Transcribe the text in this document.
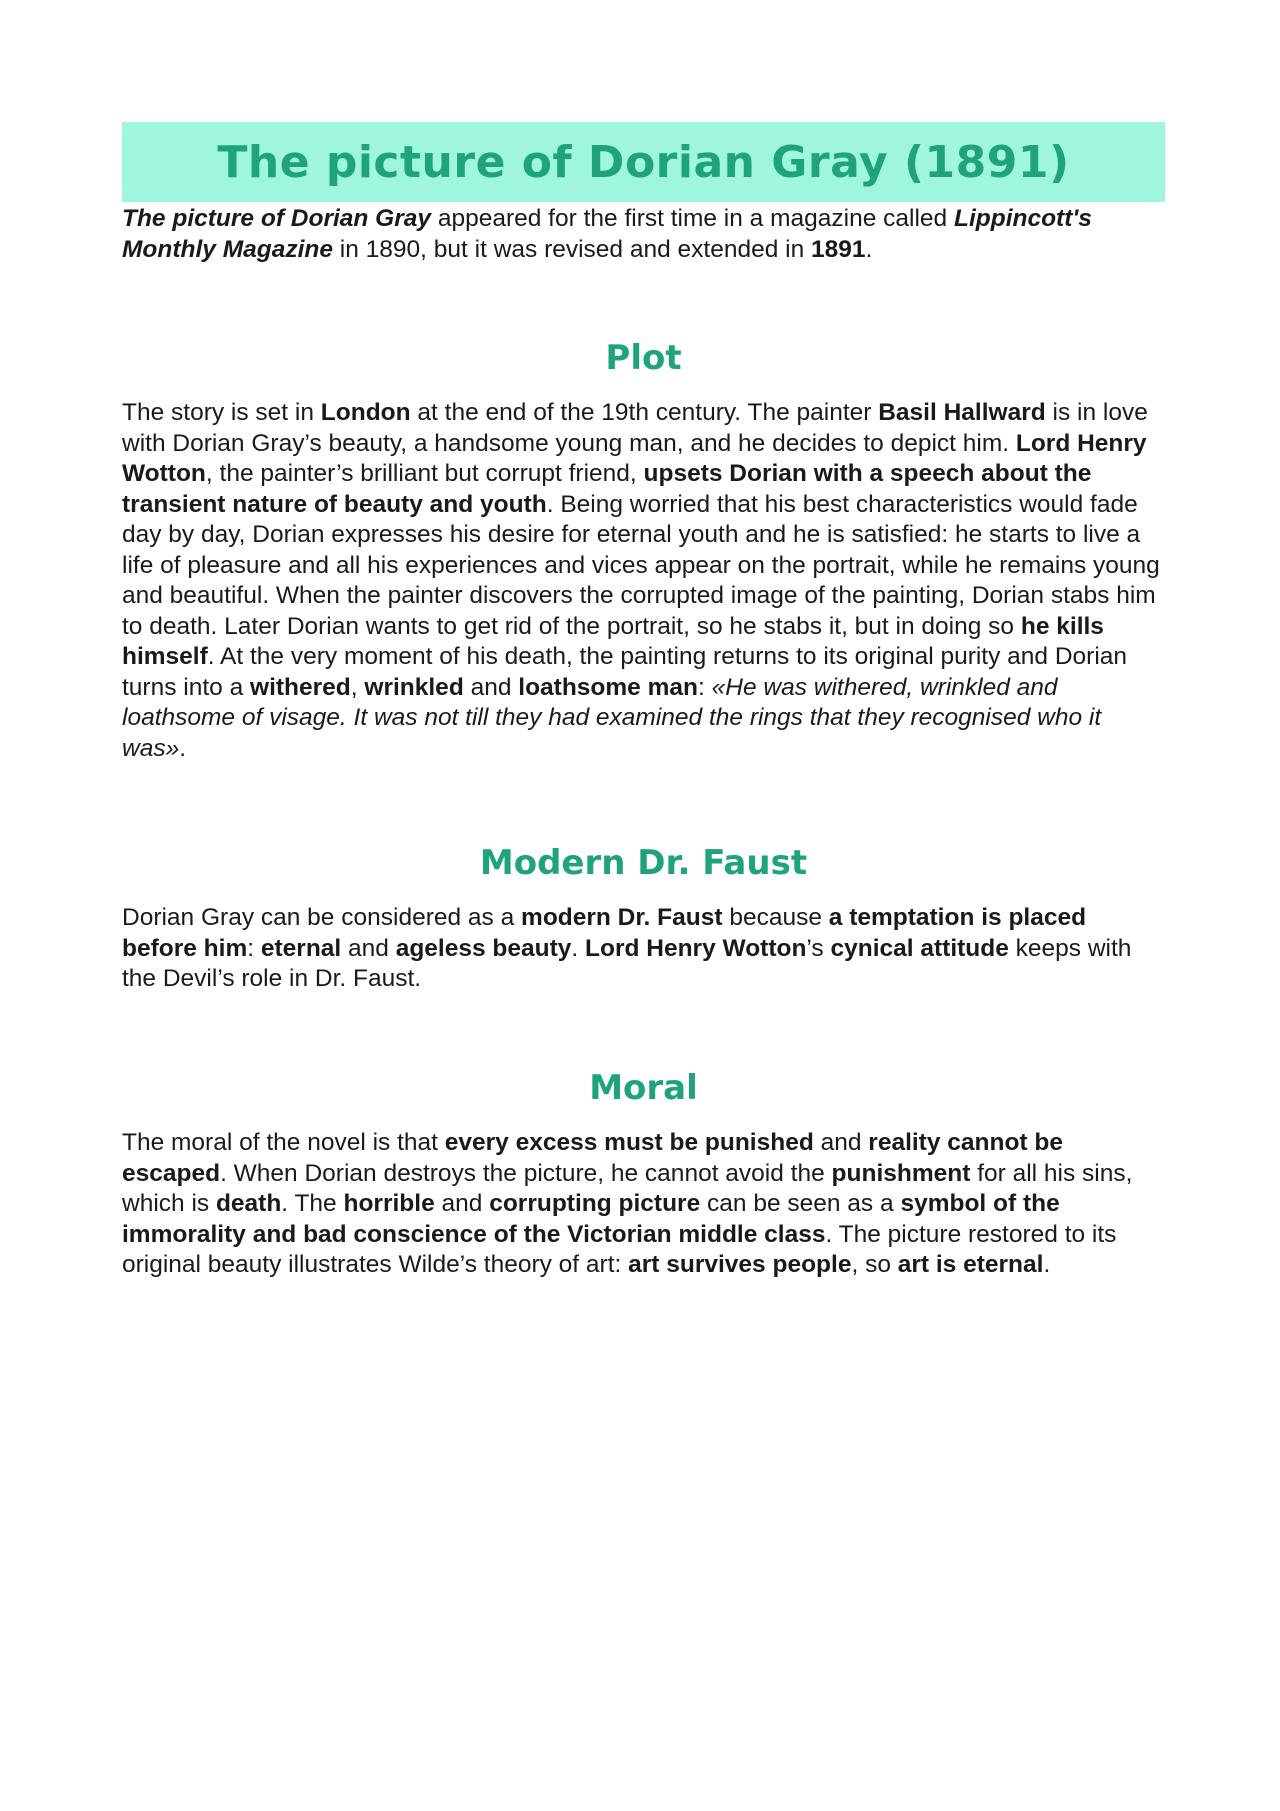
The picture of Dorian Gray (1891)

The picture of Dorian Gray appeared for the first time in a magazine called Lippincott's Monthly Magazine in 1890, but it was revised and extended in 1891.

Plot

The story is set in London at the end of the 19th century. The painter Basil Hallward is in love with Dorian Gray’s beauty, a handsome young man, and he decides to depict him. Lord Henry Wotton, the painter’s brilliant but corrupt friend, upsets Dorian with a speech about the transient nature of beauty and youth. Being worried that his best characteristics would fade day by day, Dorian expresses his desire for eternal youth and he is satisfied: he starts to live a life of pleasure and all his experiences and vices appear on the portrait, while he remains young and beautiful. When the painter discovers the corrupted image of the painting, Dorian stabs him to death. Later Dorian wants to get rid of the portrait, so he stabs it, but in doing so he kills himself. At the very moment of his death, the painting returns to its original purity and Dorian turns into a withered, wrinkled and loathsome man: «He was withered, wrinkled and loathsome of visage. It was not till they had examined the rings that they recognised who it was».

Modern Dr. Faust

Dorian Gray can be considered as a modern Dr. Faust because a temptation is placed before him: eternal and ageless beauty. Lord Henry Wotton’s cynical attitude keeps with the Devil’s role in Dr. Faust.

Moral

The moral of the novel is that every excess must be punished and reality cannot be escaped. When Dorian destroys the picture, he cannot avoid the punishment for all his sins, which is death. The horrible and corrupting picture can be seen as a symbol of the immorality and bad conscience of the Victorian middle class. The picture restored to its original beauty illustrates Wilde’s theory of art: art survives people, so art is eternal.
